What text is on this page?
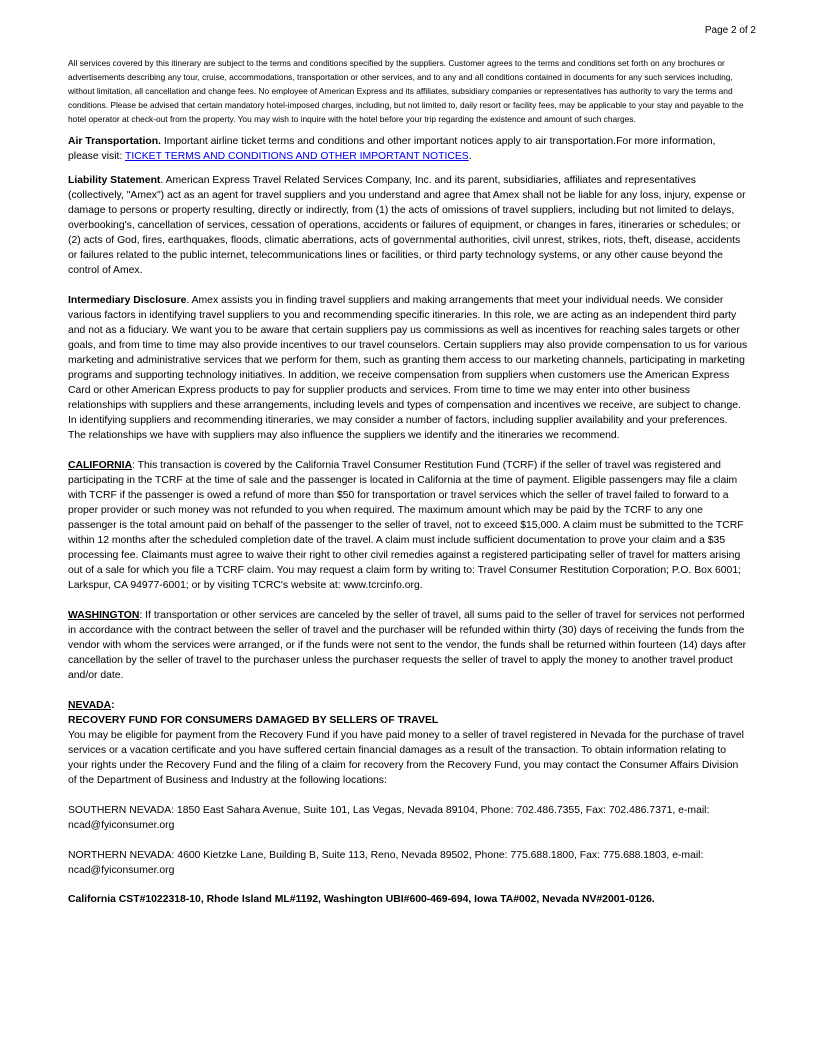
Page 2 of 2
All services covered by this itinerary are subject to the terms and conditions specified by the suppliers. Customer agrees to the terms and conditions set forth on any brochures or advertisements describing any tour, cruise, accommodations, transportation or other services, and to any and all conditions contained in documents for any such services including, without limitation, all cancellation and change fees. No employee of American Express and its affiliates, subsidiary companies or representatives has authority to vary the terms and conditions. Please be advised that certain mandatory hotel-imposed charges, including, but not limited to, daily resort or facility fees, may be applicable to your stay and payable to the hotel operator at check-out from the property. You may wish to inquire with the hotel before your trip regarding the existence and amount of such charges.

Air Transportation. Important airline ticket terms and conditions and other important notices apply to air transportation.For more information, please visit: TICKET TERMS AND CONDITIONS AND OTHER IMPORTANT NOTICES.

Liability Statement. American Express Travel Related Services Company, Inc. and its parent, subsidiaries, affiliates and representatives (collectively, "Amex") act as an agent for travel suppliers and you understand and agree that Amex shall not be liable for any loss, injury, expense or damage to persons or property resulting, directly or indirectly, from (1) the acts of omissions of travel suppliers, including but not limited to delays, overbooking's, cancellation of services, cessation of operations, accidents or failures of equipment, or changes in fares, itineraries or schedules; or (2) acts of God, fires, earthquakes, floods, climatic aberrations, acts of governmental authorities, civil unrest, strikes, riots, theft, disease, accidents or failures related to the public internet, telecommunications lines or facilities, or third party technology systems, or any other cause beyond the control of Amex.

Intermediary Disclosure. Amex assists you in finding travel suppliers and making arrangements that meet your individual needs. We consider various factors in identifying travel suppliers to you and recommending specific itineraries. In this role, we are acting as an independent third party and not as a fiduciary. We want you to be aware that certain suppliers pay us commissions as well as incentives for reaching sales targets or other goals, and from time to time may also provide incentives to our travel counselors. Certain suppliers may also provide compensation to us for various marketing and administrative services that we perform for them, such as granting them access to our marketing channels, participating in marketing programs and supporting technology initiatives. In addition, we receive compensation from suppliers when customers use the American Express Card or other American Express products to pay for supplier products and services. From time to time we may enter into other business relationships with suppliers and these arrangements, including levels and types of compensation and incentives we receive, are subject to change. In identifying suppliers and recommending itineraries, we may consider a number of factors, including supplier availability and your preferences. The relationships we have with suppliers may also influence the suppliers we identify and the itineraries we recommend.

CALIFORNIA: This transaction is covered by the California Travel Consumer Restitution Fund (TCRF) if the seller of travel was registered and participating in the TCRF at the time of sale and the passenger is located in California at the time of payment. Eligible passengers may file a claim with TCRF if the passenger is owed a refund of more than $50 for transportation or travel services which the seller of travel failed to forward to a proper provider or such money was not refunded to you when required. The maximum amount which may be paid by the TCRF to any one passenger is the total amount paid on behalf of the passenger to the seller of travel, not to exceed $15,000. A claim must be submitted to the TCRF within 12 months after the scheduled completion date of the travel. A claim must include sufficient documentation to prove your claim and a $35 processing fee. Claimants must agree to waive their right to other civil remedies against a registered participating seller of travel for matters arising out of a sale for which you file a TCRF claim. You may request a claim form by writing to: Travel Consumer Restitution Corporation; P.O. Box 6001; Larkspur, CA 94977-6001; or by visiting TCRC's website at: www.tcrcinfo.org.

WASHINGTON: If transportation or other services are canceled by the seller of travel, all sums paid to the seller of travel for services not performed in accordance with the contract between the seller of travel and the purchaser will be refunded within thirty (30) days of receiving the funds from the vendor with whom the services were arranged, or if the funds were not sent to the vendor, the funds shall be returned within fourteen (14) days after cancellation by the seller of travel to the purchaser unless the purchaser requests the seller of travel to apply the money to another travel product and/or date.

NEVADA:

RECOVERY FUND FOR CONSUMERS DAMAGED BY SELLERS OF TRAVEL

You may be eligible for payment from the Recovery Fund if you have paid money to a seller of travel registered in Nevada for the purchase of travel services or a vacation certificate and you have suffered certain financial damages as a result of the transaction. To obtain information relating to your rights under the Recovery Fund and the filing of a claim for recovery from the Recovery Fund, you may contact the Consumer Affairs Division of the Department of Business and Industry at the following locations:

SOUTHERN NEVADA: 1850 East Sahara Avenue, Suite 101, Las Vegas, Nevada 89104, Phone: 702.486.7355, Fax: 702.486.7371, e-mail: ncad@fyiconsumer.org

NORTHERN NEVADA: 4600 Kietzke Lane, Building B, Suite 113, Reno, Nevada 89502, Phone: 775.688.1800, Fax: 775.688.1803, e-mail: ncad@fyiconsumer.org

California CST#1022318-10, Rhode Island ML#1192, Washington UBI#600-469-694, Iowa TA#002, Nevada NV#2001-0126.
